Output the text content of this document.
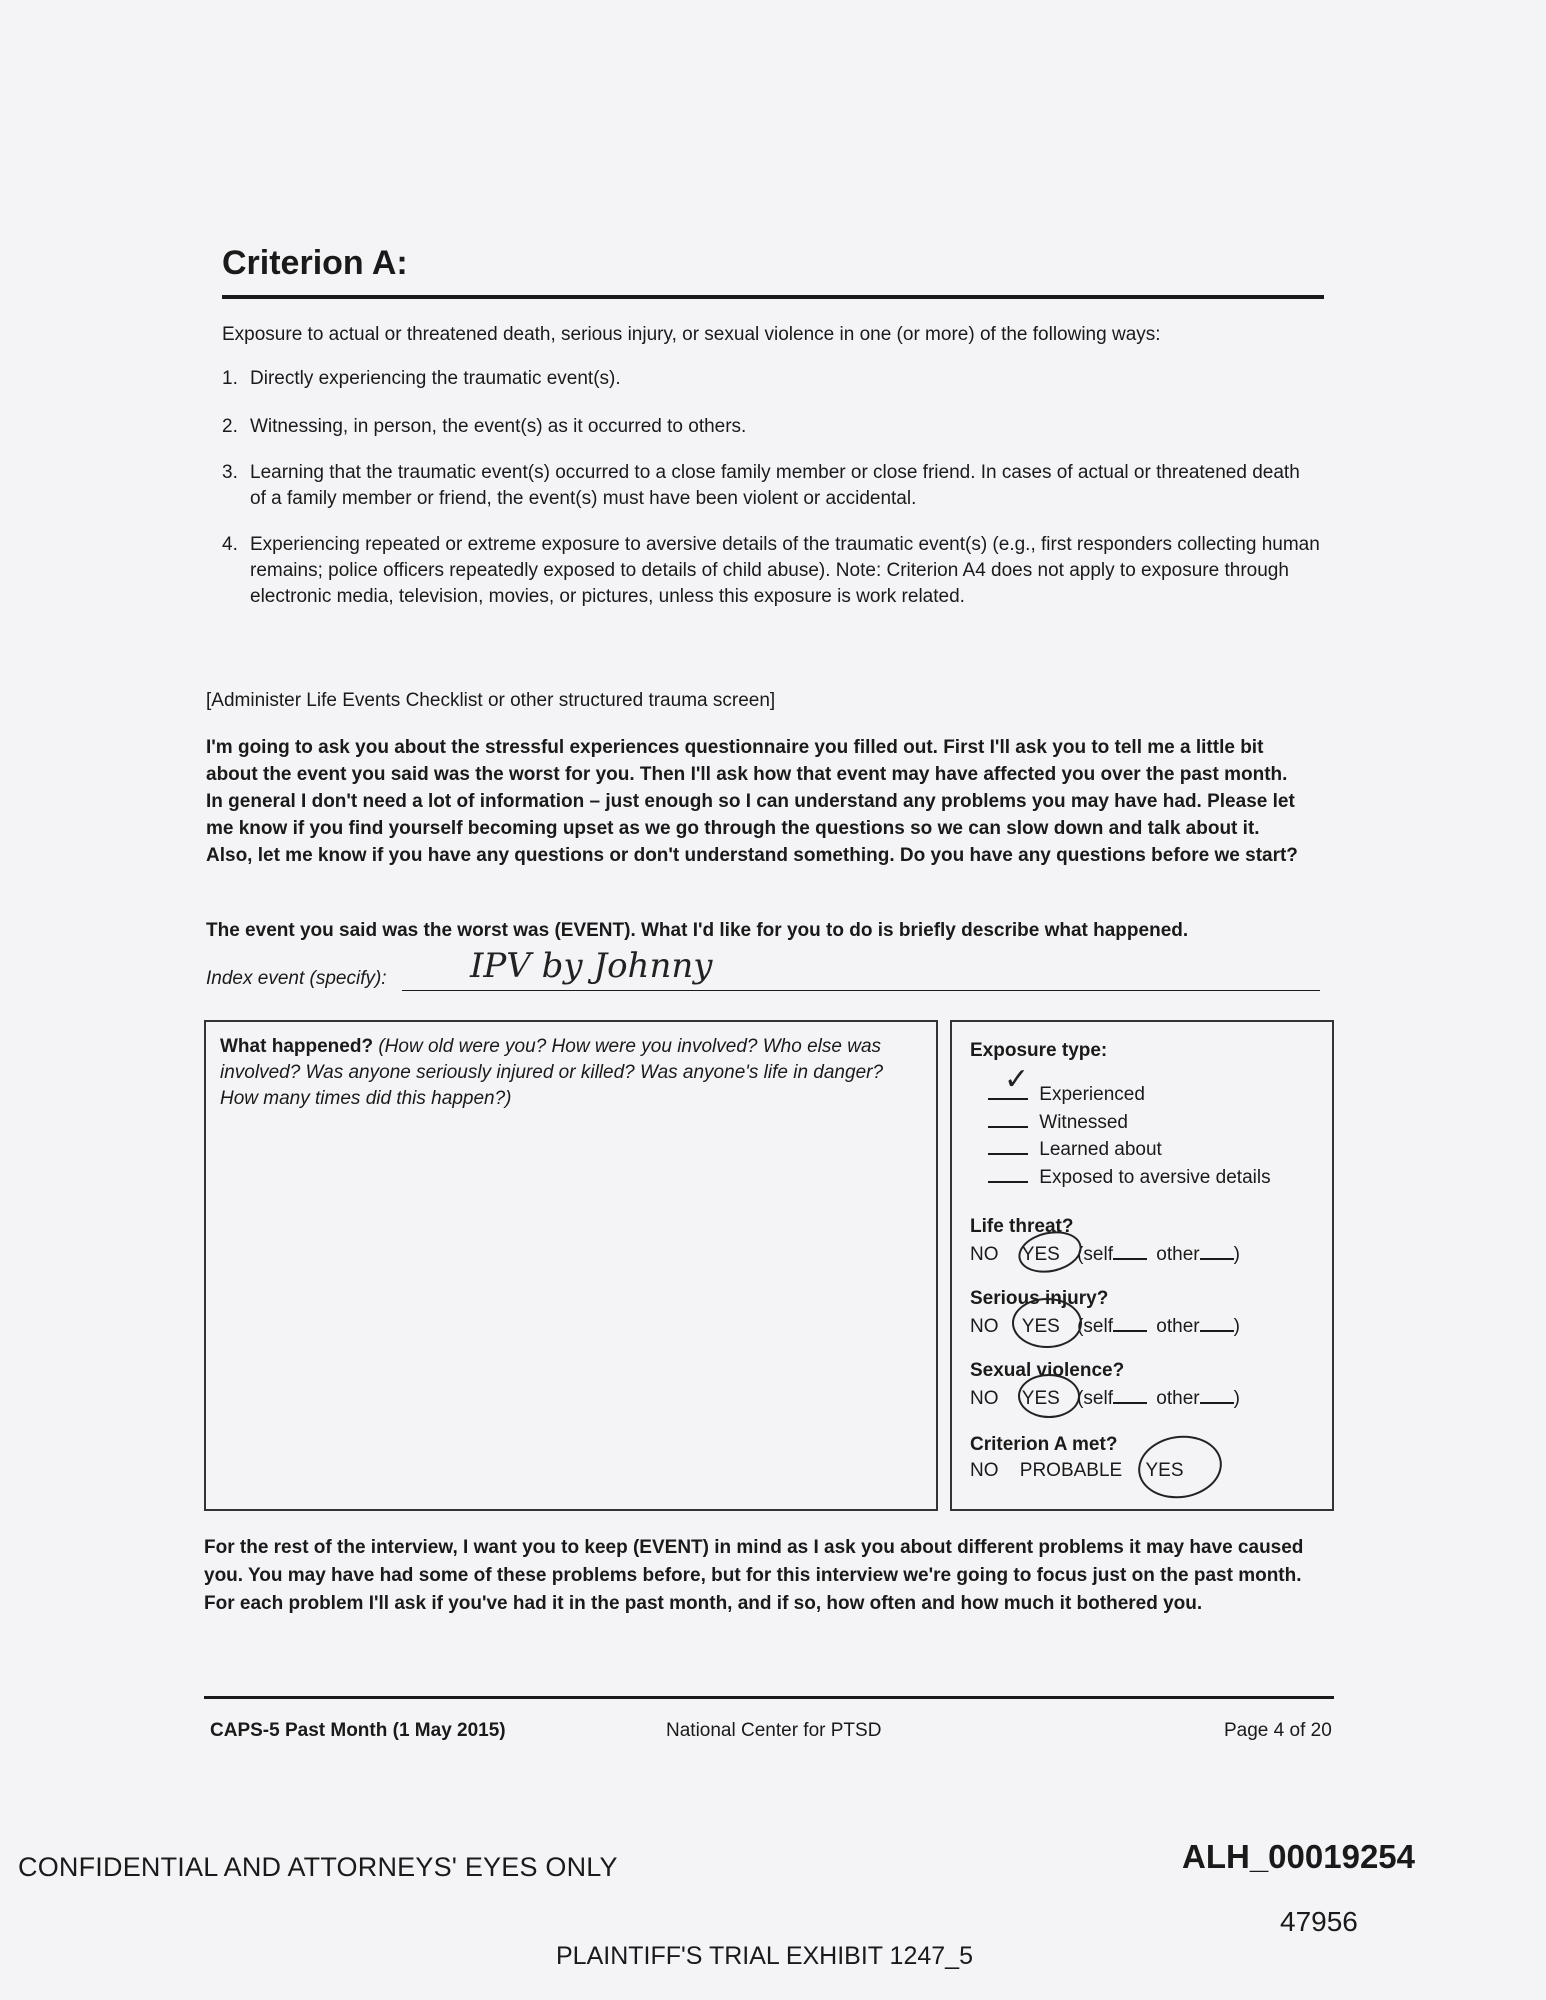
Criterion A:
Exposure to actual or threatened death, serious injury, or sexual violence in one (or more) of the following ways:
1. Directly experiencing the traumatic event(s).
2. Witnessing, in person, the event(s) as it occurred to others.
3. Learning that the traumatic event(s) occurred to a close family member or close friend. In cases of actual or threatened death of a family member or friend, the event(s) must have been violent or accidental.
4. Experiencing repeated or extreme exposure to aversive details of the traumatic event(s) (e.g., first responders collecting human remains; police officers repeatedly exposed to details of child abuse). Note: Criterion A4 does not apply to exposure through electronic media, television, movies, or pictures, unless this exposure is work related.
[Administer Life Events Checklist or other structured trauma screen]
I'm going to ask you about the stressful experiences questionnaire you filled out. First I'll ask you to tell me a little bit about the event you said was the worst for you. Then I'll ask how that event may have affected you over the past month. In general I don't need a lot of information – just enough so I can understand any problems you may have had. Please let me know if you find yourself becoming upset as we go through the questions so we can slow down and talk about it. Also, let me know if you have any questions or don't understand something. Do you have any questions before we start?
The event you said was the worst was (EVENT). What I'd like for you to do is briefly describe what happened.
Index event (specify): IPV by Johnny
What happened? (How old were you? How were you involved? Who else was involved? Was anyone seriously injured or killed? Was anyone's life in danger? How many times did this happen?)
Exposure type:
Experienced
✓
Witnessed
Learned about
Exposed to aversive details
Life threat?
NO YES (self other )
Serious injury?
NO YES (self other )
Sexual violence?
NO YES (self other )
Criterion A met?
NO PROBABLE YES
For the rest of the interview, I want you to keep (EVENT) in mind as I ask you about different problems it may have caused you. You may have had some of these problems before, but for this interview we're going to focus just on the past month. For each problem I'll ask if you've had it in the past month, and if so, how often and how much it bothered you.
CAPS-5 Past Month (1 May 2015)	National Center for PTSD	Page 4 of 20
CONFIDENTIAL AND ATTORNEYS' EYES ONLY	ALH_00019254
47956
PLAINTIFF'S TRIAL EXHIBIT 1247_5
